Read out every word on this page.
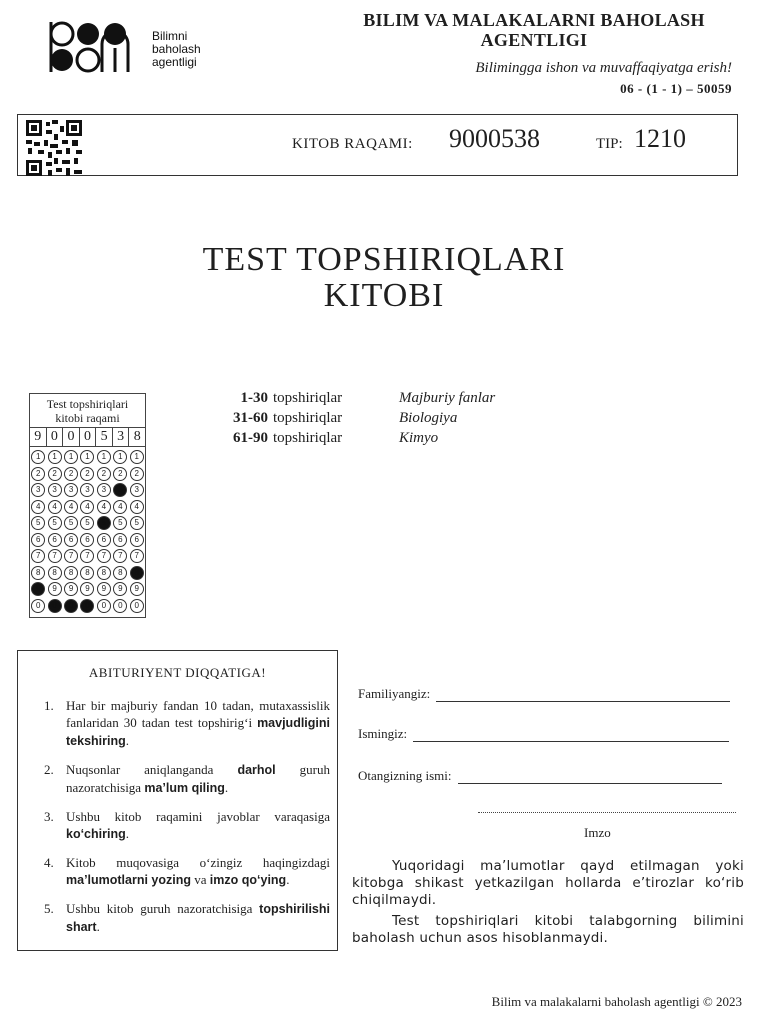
Bilimni
baholash
agentligi
BILIM VA MALAKALARNI BAHOLASH
AGENTLIGI
Bilimingga ishon va muvaffaqiyatga erish!
06 - (1 - 1) – 50059
KITOB RAQAMI: 9000538	TIP: 1210
TEST TOPSHIRIQLARI
KITOBI
1-30 topshiriqlar	Majburiy fanlar
31-60 topshiriqlar	Biologiya
61-90 topshiriqlar	Kimyo
Test topshiriqlari
kitobi raqami
9 0 0 0 5 3 8
1	1	1	1	1	1	1
2	2	2	2	2	2	2
3	3	3	3	3	3	3
4	4	4	4	4	4	4
5	5	5	5	5	5	5
6	6	6	6	6	6	6
7	7	7	7	7	7	7
8	8	8	8	8	8	8
9	9	9	9	9	9	9
0	0	0	0	0	0	0
ABITURIYENT DIQQATIGA!
1. Har bir majburiy fandan 10 tadan, mutaxassislik fanlaridan 30 tadan test topshirig‘i mavjudligini tekshiring.
2. Nuqsonlar aniqlanganda darhol guruh nazoratchisiga ma’lum qiling.
3. Ushbu kitob raqamini javoblar varaqasiga ko‘chiring.
4. Kitob muqovasiga o‘zingiz haqingizdagi ma’lumotlarni yozing va imzo qo‘ying.
5. Ushbu kitob guruh nazoratchisiga topshirilishi shart.
Familiyangiz:
Ismingiz:
Otangizning ismi:
Imzo

Yuqoridagi ma’lumotlar qayd etilmagan yoki kitobga shikast yetkazilgan hollarda e’tirozlar ko‘rib chiqilmaydi.

Test topshiriqlari kitobi talabgorning bilimini baholash uchun asos hisoblanmaydi.

Bilim va malakalarni baholash agentligi © 2023
